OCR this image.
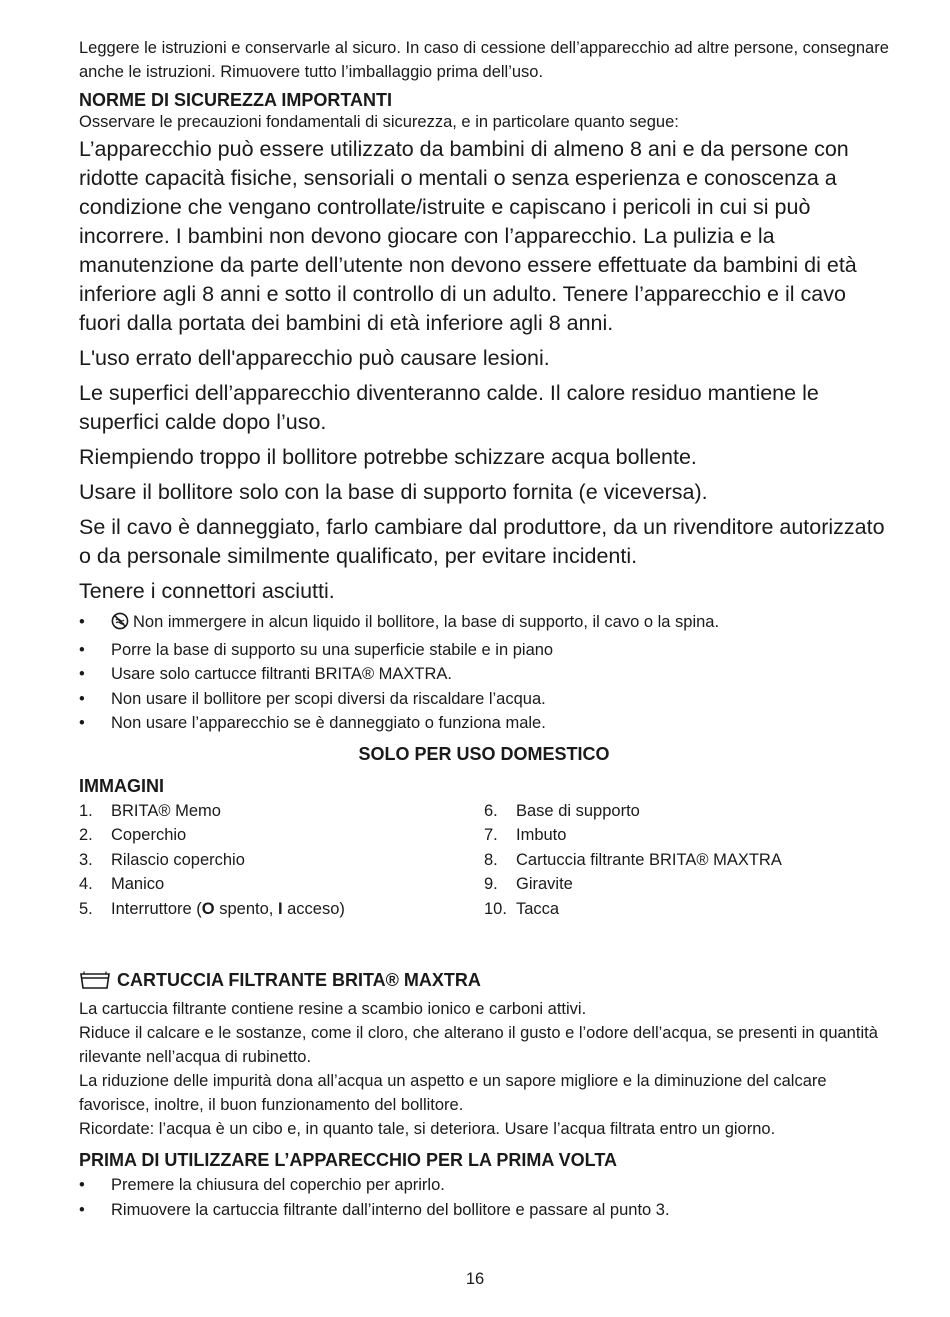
Leggere le istruzioni e conservarle al sicuro. In caso di cessione dell’apparecchio ad altre persone, consegnare anche le istruzioni. Rimuovere tutto l’imballaggio prima dell’uso.

NORME DI SICUREZZA IMPORTANTI

Osservare le precauzioni fondamentali di sicurezza, e in particolare quanto segue:

L’apparecchio può essere utilizzato da bambini di almeno 8 ani e da persone con ridotte capacità fisiche, sensoriali o mentali o senza esperienza e conoscenza a condizione che vengano controllate/istruite e capiscano i pericoli in cui si può incorrere. I bambini non devono giocare con l’apparecchio. La pulizia e la manutenzione da parte dell’utente non devono essere effettuate da bambini di età inferiore agli 8 anni e sotto il controllo di un adulto. Tenere l’apparecchio e il cavo fuori dalla portata dei bambini di età inferiore agli 8 anni.

L'uso errato dell'apparecchio può causare lesioni.

Le superfici dell’apparecchio diventeranno calde. Il calore residuo mantiene le superfici calde dopo l’uso.

Riempiendo troppo il bollitore potrebbe schizzare acqua bollente.

Usare il bollitore solo con la base di supporto fornita (e viceversa).

Se il cavo è danneggiato, farlo cambiare dal produttore, da un rivenditore autorizzato o da personale similmente qualificato, per evitare incidenti.

Tenere i connettori asciutti.

•	Non immergere in alcun liquido il bollitore, la base di supporto, il cavo o la spina.
• Porre la base di supporto su una superficie stabile e in piano
• Usare solo cartucce filtranti BRITA® MAXTRA.
• Non usare il bollitore per scopi diversi da riscaldare l’acqua.
• Non usare l’apparecchio se è danneggiato o funziona male.

SOLO PER USO DOMESTICO

IMMAGINI

1.	BRITA® Memo
2.	Coperchio
3.	Rilascio coperchio
4.	Manico
5.	Interruttore (O spento, I acceso)
6.	Base di supporto
7.	Imbuto
8.	Cartuccia filtrante BRITA® MAXTRA
9.	Giravite
10. Tacca

CARTUCCIA FILTRANTE BRITA® MAXTRA

La cartuccia filtrante contiene resine a scambio ionico e carboni attivi.

Riduce il calcare e le sostanze, come il cloro, che alterano il gusto e l’odore dell’acqua, se presenti in quantità rilevante nell’acqua di rubinetto.

La riduzione delle impurità dona all’acqua un aspetto e un sapore migliore e la diminuzione del calcare favorisce, inoltre, il buon funzionamento del bollitore.

Ricordate: l’acqua è un cibo e, in quanto tale, si deteriora. Usare l’acqua filtrata entro un giorno.

PRIMA DI UTILIZZARE L’APPARECCHIO PER LA PRIMA VOLTA

• Premere la chiusura del coperchio per aprirlo.
• Rimuovere la cartuccia filtrante dall’interno del bollitore e passare al punto 3.
16
